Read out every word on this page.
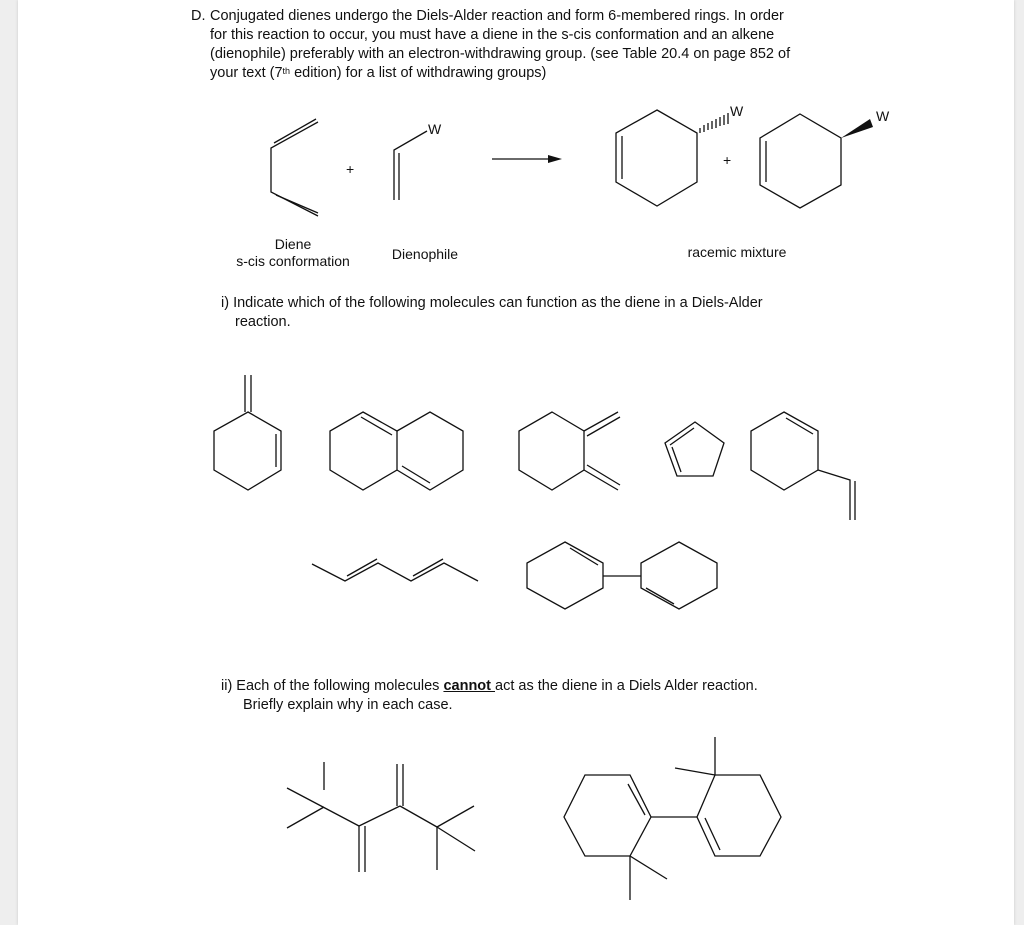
D. Conjugated dienes undergo the Diels-Alder reaction and form 6-membered rings. In order
for this reaction to occur, you must have a diene in the s-cis conformation and an alkene
(dienophile) preferably with an electron-withdrawing group. (see Table 20.4 on page 852 of
your text (7th edition) for a list of withdrawing groups)
+
W
W
+
W
Diene
s-cis conformation	Dienophile	racemic mixture
i) Indicate which of the following molecules can function as the diene in a Diels-Alder
reaction.
ii) Each of the following molecules cannot act as the diene in a Diels Alder reaction.
Briefly explain why in each case.
